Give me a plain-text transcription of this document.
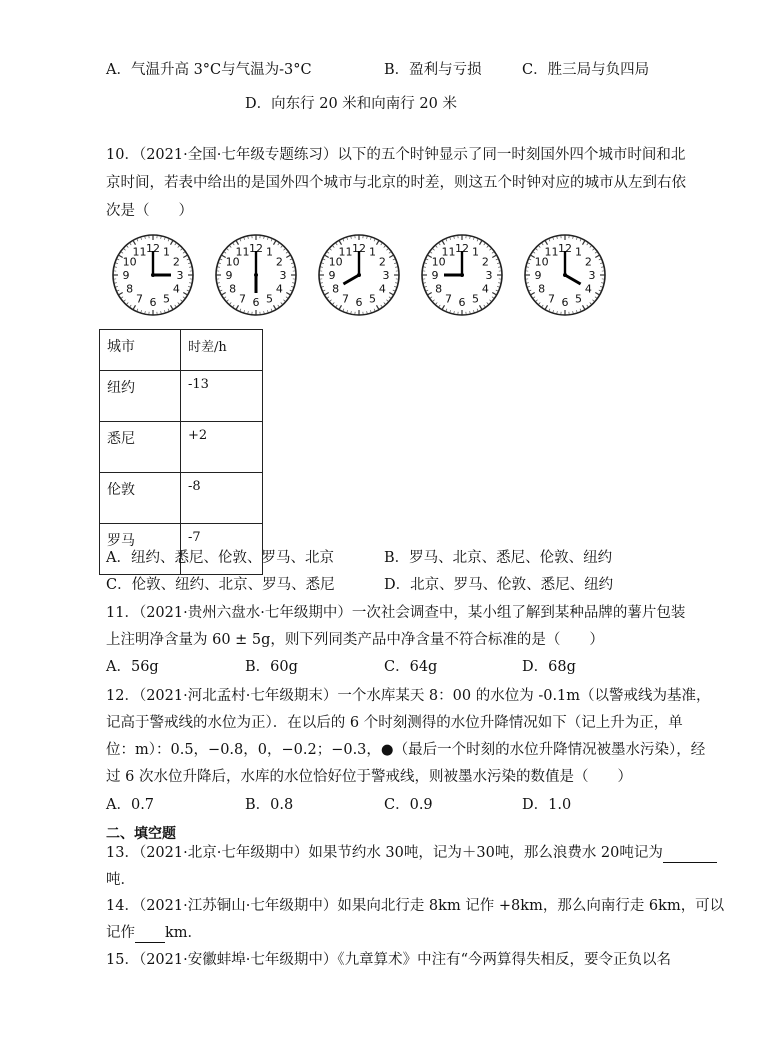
A．气温升高 3°C与气温为-3°C	B．盈利与亏损	C．胜三局与负四局
D．向东行 20 米和向南行 20 米
10．（2021·全国·七年级专题练习）以下的五个时钟显示了同一时刻国外四个城市时间和北
京时间，若表中给出的是国外四个城市与北京的时差，则这五个时钟对应的城市从左到右依
次是（　　）
12 1
2
3
4
5
6
7
8
9
10
11	12 1
2
3
4
5
6
7
8
9
10
11	12 1
2
3
4
5
6
7
8
9
10
11	12 1
2
3
4
5
6
7
8
9
10
11	12 1
2
3
4
5
6
7
8
9
10
11
城市	时差/h
纽约	-13
悉尼	+2
伦敦	-8
罗马	-7
A．纽约、悉尼、伦敦、罗马、北京	B．罗马、北京、悉尼、伦敦、纽约
C．伦敦、纽约、北京、罗马、悉尼	D．北京、罗马、伦敦、悉尼、纽约
11．（2021·贵州六盘水·七年级期中）一次社会调查中，某小组了解到某种品牌的薯片包装
上注明净含量为 60 ± 5g，则下列同类产品中净含量不符合标准的是（　　）
A．56g	B．60g	C．64g	D．68g
12．（2021·河北孟村·七年级期末）一个水库某天 8：00 的水位为 -0.1m（以警戒线为基准，
记高于警戒线的水位为正）．在以后的 6 个时刻测得的水位升降情况如下（记上升为正，单
位：m）：0.5，−0.8，0，−0.2；−0.3，●（最后一个时刻的水位升降情况被墨水污染），经
过 6 次水位升降后，水库的水位恰好位于警戒线，则被墨水污染的数值是（　　）
A．0.7	B．0.8	C．0.9	D．1.0
二、填空题
13．（2021·北京·七年级期中）如果节约水 30吨，记为＋30吨，那么浪费水 20吨记为
吨．
14．（2021·江苏铜山·七年级期中）如果向北行走 8km 记作 +8km，那么向南行走 6km，可以
记作 km．
15．（2021·安徽蚌埠·七年级期中）《九章算术》中注有“今两算得失相反，要令正负以名
